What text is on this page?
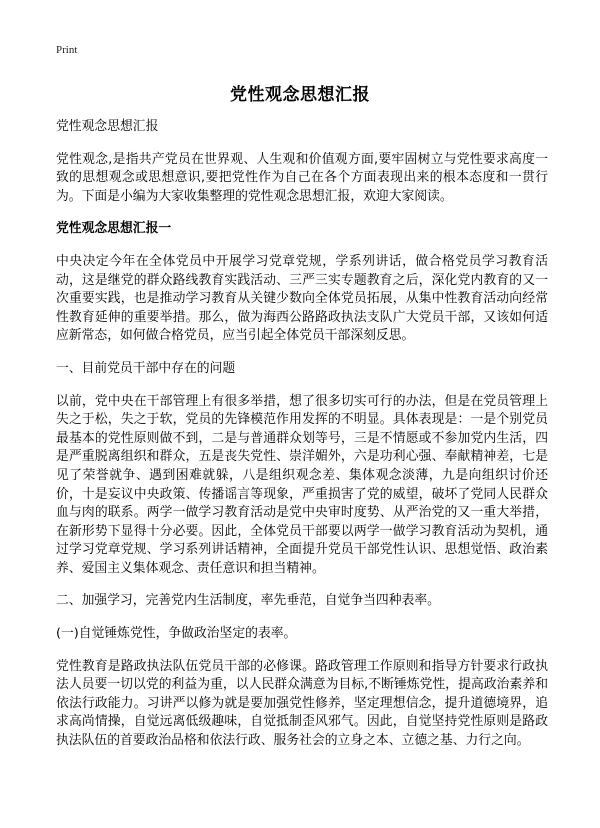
Print
党性观念思想汇报

党性观念思想汇报

党性观念,是指共产党员在世界观、人生观和价值观方面,要牢固树立与党性要求高度一致的思想观念或思想意识,要把党性作为自己在各个方面表现出来的根本态度和一贯行为。下面是小编为大家收集整理的党性观念思想汇报，欢迎大家阅读。

党性观念思想汇报一

中央决定今年在全体党员中开展学习党章党规，学系列讲话，做合格党员学习教育活动，这是继党的群众路线教育实践活动、三严三实专题教育之后，深化党内教育的又一次重要实践，也是推动学习教育从关键少数向全体党员拓展，从集中性教育活动向经常性教育延伸的重要举措。那么，做为海西公路路政执法支队广大党员干部，又该如何适应新常态，如何做合格党员，应当引起全体党员干部深刻反思。

一、目前党员干部中存在的问题

以前，党中央在干部管理上有很多举措，想了很多切实可行的办法，但是在党员管理上失之于松，失之于软，党员的先锋模范作用发挥的不明显。具体表现是：一是个别党员最基本的党性原则做不到，二是与普通群众划等号，三是不情愿或不参加党内生活，四是严重脱离组织和群众，五是丧失党性、崇洋媚外，六是功利心强、奉献精神差，七是见了荣誉就争、遇到困难就躲，八是组织观念差、集体观念淡薄，九是向组织讨价还价，十是妄议中央政策、传播谣言等现象，严重损害了党的威望，破坏了党同人民群众血与肉的联系。两学一做学习教育活动是党中央审时度势、从严治党的又一重大举措，在新形势下显得十分必要。因此，全体党员干部要以两学一做学习教育活动为契机，通过学习党章党规、学习系列讲话精神，全面提升党员干部党性认识、思想觉悟、政治素养、爱国主义集体观念、责任意识和担当精神。

二、加强学习，完善党内生活制度，率先垂范，自觉争当四种表率。

(一)自觉锤炼党性，争做政治坚定的表率。

党性教育是路政执法队伍党员干部的必修课。路政管理工作原则和指导方针要求行政执法人员要一切以党的利益为重，以人民群众满意为目标,不断锤炼党性，提高政治素养和依法行政能力。习讲严以修为就是要加强党性修养，坚定理想信念，提升道德境界，追求高尚情操，自觉远离低级趣味，自觉抵制歪风邪气。因此，自觉坚持党性原则是路政执法队伍的首要政治品格和依法行政、服务社会的立身之本、立德之基、力行之向。
